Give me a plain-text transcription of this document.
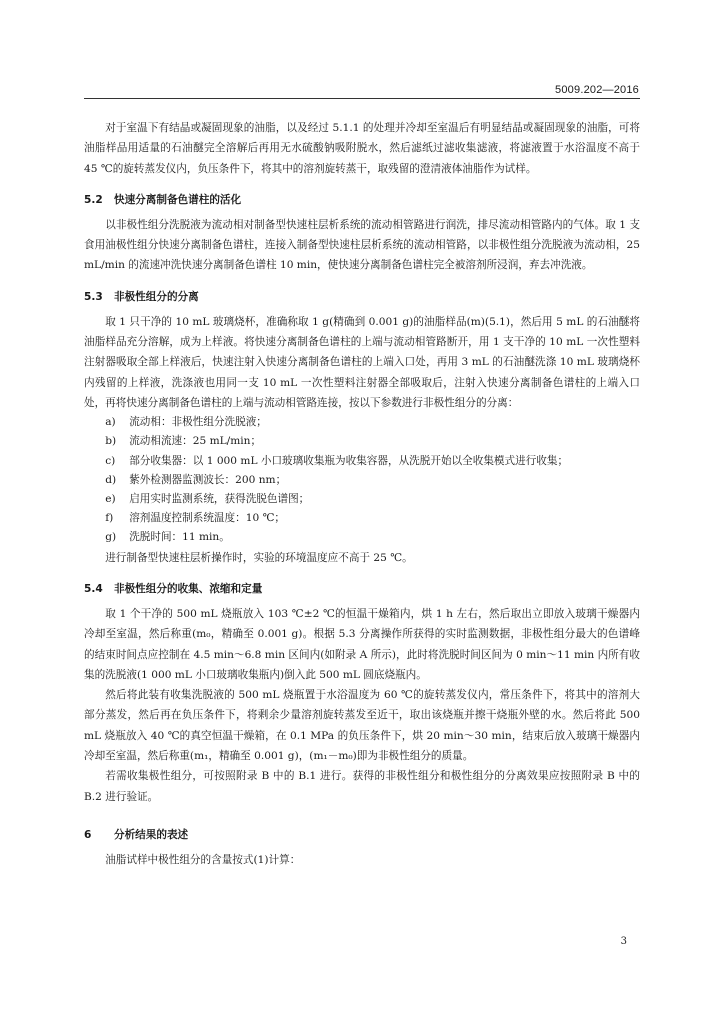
5009.202—2016

对于室温下有结晶或凝固现象的油脂，以及经过 5.1.1 的处理并冷却至室温后有明显结晶或凝固现象的油脂，可将油脂样品用适量的石油醚完全溶解后再用无水硫酸钠吸附脱水，然后滤纸过滤收集滤液，将滤液置于水浴温度不高于 45 ℃的旋转蒸发仪内，负压条件下，将其中的溶剂旋转蒸干，取残留的澄清液体油脂作为试样。

5.2 快速分离制备色谱柱的活化

以非极性组分洗脱液为流动相对制备型快速柱层析系统的流动相管路进行润洗，排尽流动相管路内的气体。取 1 支食用油极性组分快速分离制备色谱柱，连接入制备型快速柱层析系统的流动相管路，以非极性组分洗脱液为流动相，25 mL/min 的流速冲洗快速分离制备色谱柱 10 min，使快速分离制备色谱柱完全被溶剂所浸润，弃去冲洗液。

5.3 非极性组分的分离

取 1 只干净的 10 mL 玻璃烧杯，准确称取 1 g(精确到 0.001 g)的油脂样品(m)(5.1)，然后用 5 mL 的石油醚将油脂样品充分溶解，成为上样液。将快速分离制备色谱柱的上端与流动相管路断开，用 1 支干净的 10 mL 一次性塑料注射器吸取全部上样液后，快速注射入快速分离制备色谱柱的上端入口处，再用 3 mL 的石油醚洗涤 10 mL 玻璃烧杯内残留的上样液，洗涤液也用同一支 10 mL 一次性塑料注射器全部吸取后，注射入快速分离制备色谱柱的上端入口处，再将快速分离制备色谱柱的上端与流动相管路连接，按以下参数进行非极性组分的分离：

a) 流动相：非极性组分洗脱液；
b) 流动相流速：25 mL/min；
c) 部分收集器：以 1 000 mL 小口玻璃收集瓶为收集容器，从洗脱开始以全收集模式进行收集；
d) 紫外检测器监测波长：200 nm；
e) 启用实时监测系统，获得洗脱色谱图；
f) 溶剂温度控制系统温度：10 ℃；
g) 洗脱时间：11 min。

进行制备型快速柱层析操作时，实验的环境温度应不高于 25 ℃。

5.4 非极性组分的收集、浓缩和定量

取 1 个干净的 500 mL 烧瓶放入 103 ℃±2 ℃的恒温干燥箱内，烘 1 h 左右，然后取出立即放入玻璃干燥器内冷却至室温，然后称重(m₀，精确至 0.001 g)。根据 5.3 分离操作所获得的实时监测数据，非极性组分最大的色谱峰的结束时间点应控制在 4.5 min～6.8 min 区间内(如附录 A 所示)，此时将洗脱时间区间为 0 min～11 min 内所有收集的洗脱液(1 000 mL 小口玻璃收集瓶内)倒入此 500 mL 圆底烧瓶内。

然后将此装有收集洗脱液的 500 mL 烧瓶置于水浴温度为 60 ℃的旋转蒸发仪内，常压条件下，将其中的溶剂大部分蒸发，然后再在负压条件下，将剩余少量溶剂旋转蒸发至近干，取出该烧瓶并擦干烧瓶外壁的水。然后将此 500 mL 烧瓶放入 40 ℃的真空恒温干燥箱，在 0.1 MPa 的负压条件下，烘 20 min～30 min，结束后放入玻璃干燥器内冷却至室温，然后称重(m₁，精确至 0.001 g)，(m₁－m₀)即为非极性组分的质量。

若需收集极性组分，可按照附录 B 中的 B.1 进行。获得的非极性组分和极性组分的分离效果应按照附录 B 中的 B.2 进行验证。

6 分析结果的表述

油脂试样中极性组分的含量按式(1)计算：

3
